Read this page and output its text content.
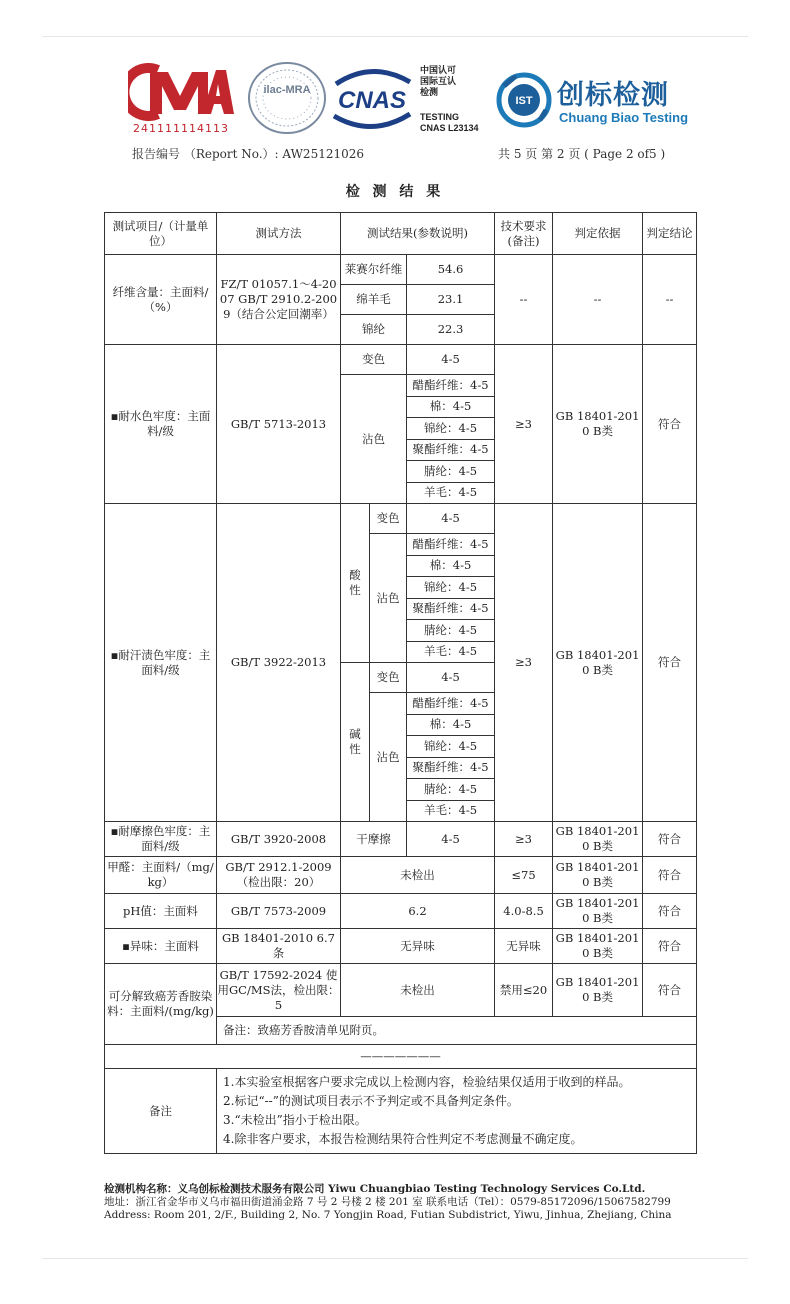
241111114113
ilac-MRA	CNAS
中国认可
国际互认
检测
TESTING
CNAS L23134
IST 创标检测
Chuang Biao Testing
报告编号 （Report No.）: AW25121026	共 5 页 第 2 页 ( Page 2 of5 )
检 测 结 果
测试项目/（计量单位）	测试方法	测试结果(参数说明)			技术要求(备注)	判定依据	判定结论
纤维含量：主面料/（%）	FZ/T 01057.1～4-2007 GB/T 2910.2-2009（结合公定回潮率）	莱赛尔纤维		54.6	--	--	--
		绵羊毛		23.1			
		锦纶		22.3			
▪耐水色牢度：主面料/级	GB/T 5713-2013	变色		4-5	≥3	GB 18401-2010 B类	符合
		沾色		醋酯纤维：4-5			
				棉：4-5			
				锦纶：4-5			
				聚酯纤维：4-5			
				腈纶：4-5			
				羊毛：4-5			
▪耐汗渍色牢度：主面料/级	GB/T 3922-2013	酸性	变色	4-5	≥3	GB 18401-2010 B类	符合
			沾色	醋酯纤维：4-5			
				棉：4-5			
				锦纶：4-5			
				聚酯纤维：4-5			
				腈纶：4-5			
				羊毛：4-5			
		碱性	变色	4-5			
			沾色	醋酯纤维：4-5			
				棉：4-5			
				锦纶：4-5			
				聚酯纤维：4-5			
				腈纶：4-5			
				羊毛：4-5			
▪耐摩擦色牢度：主面料/级	GB/T 3920-2008	干摩擦		4-5	≥3	GB 18401-2010 B类	符合
甲醛：主面料/（mg/kg）	GB/T 2912.1-2009（检出限：20）	未检出			≤75	GB 18401-2010 B类	符合
pH值：主面料	GB/T 7573-2009	6.2			4.0-8.5	GB 18401-2010 B类	符合
▪异味：主面料	GB 18401-2010 6.7条	无异味			无异味	GB 18401-2010 B类	符合
可分解致癌芳香胺染料：主面料/(mg/kg)	GB/T 17592-2024 使用GC/MS法，检出限：5	未检出			禁用≤20	GB 18401-2010 B类	符合
	备注：致癌芳香胺清单见附页。						
———————							
备注	1.本实验室根据客户要求完成以上检测内容，检验结果仅适用于收到的样品。
2.标记“--”的测试项目表示不予判定或不具备判定条件。
3.“未检出”指小于检出限。
4.除非客户要求，本报告检测结果符合性判定不考虑测量不确定度。						
检测机构名称：义乌创标检测技术服务有限公司 Yiwu Chuangbiao Testing Technology Services Co.Ltd.
地址：浙江省金华市义乌市福田街道涌金路 7 号 2 号楼 2 楼 201 室 联系电话（Tel）：0579-85172096/15067582799
Address: Room 201, 2/F., Building 2, No. 7 Yongjin Road, Futian Subdistrict, Yiwu, Jinhua, Zhejiang, China
